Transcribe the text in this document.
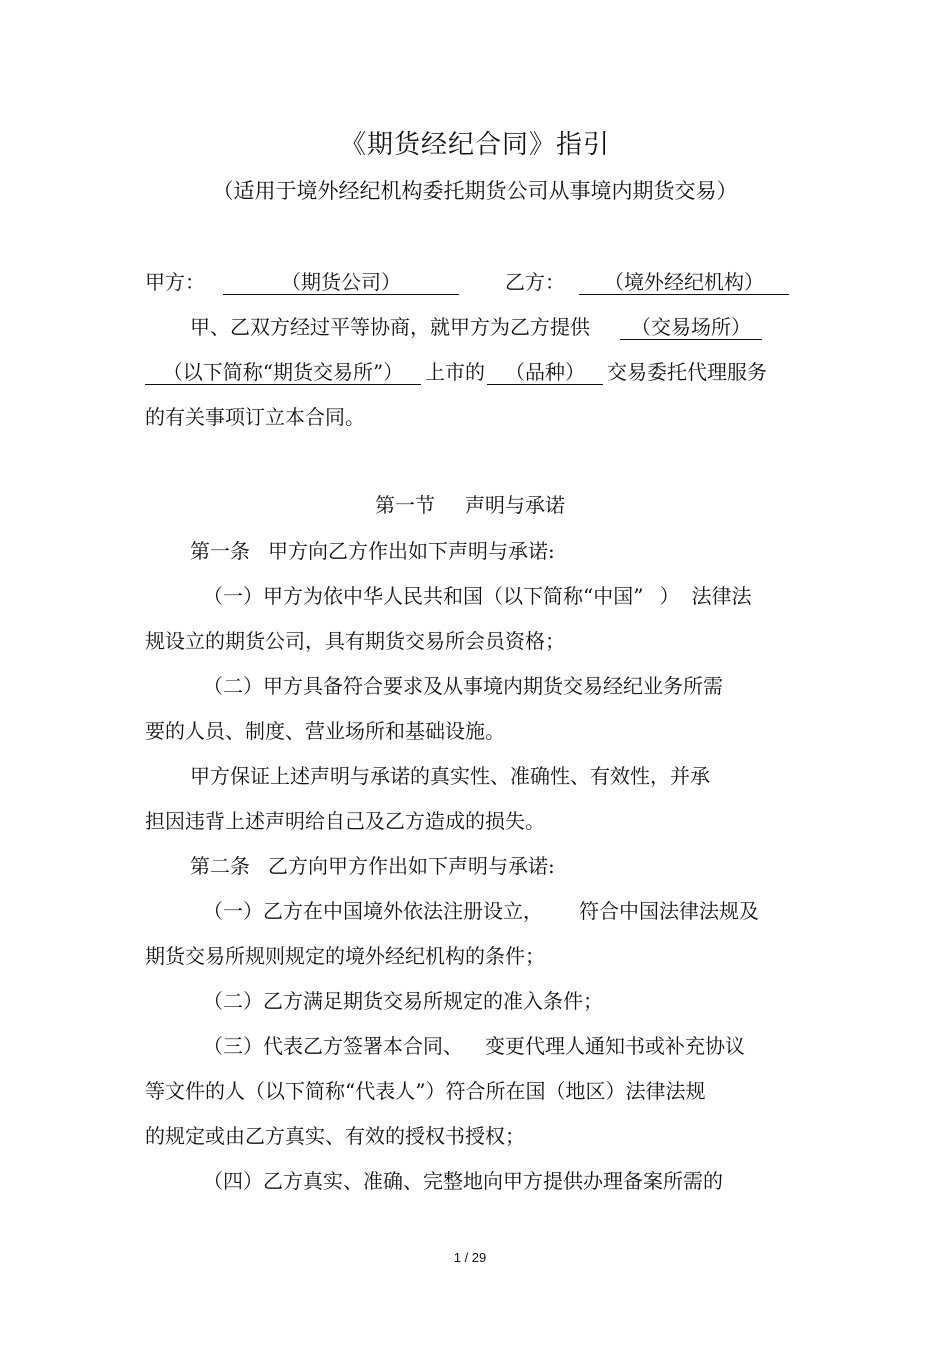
《期货经纪合同》指引
（适用于境外经纪机构委托期货公司从事境内期货交易）
甲方：	（期货公司）	乙方： （境外经纪机构）
甲、乙双方经过平等协商，就甲方为乙方提供 （交易场所）
（以下简称“期货交易所”） 上市的 （品种） 交易委托代理服务
的有关事项订立本合同。
第一节 声明与承诺
第一条 甲方向乙方作出如下声明与承诺:
（一）甲方为依中华人民共和国（以下简称“中国” ） 法律法
规设立的期货公司，具有期货交易所会员资格；
（二）甲方具备符合要求及从事境内期货交易经纪业务所需
要的人员、制度、营业场所和基础设施。
甲方保证上述声明与承诺的真实性、准确性、有效性，并承
担因违背上述声明给自己及乙方造成的损失。
第二条 乙方向甲方作出如下声明与承诺:
（一）乙方在中国境外依法注册设立， 符合中国法律法规及
期货交易所规则规定的境外经纪机构的条件；
（二）乙方满足期货交易所规定的准入条件；
（三）代表乙方签署本合同、 变更代理人通知书或补充协议
等文件的人（以下简称“代表人”）符合所在国（地区）法律法规
的规定或由乙方真实、有效的授权书授权；
（四）乙方真实、准确、完整地向甲方提供办理备案所需的
1 / 29
